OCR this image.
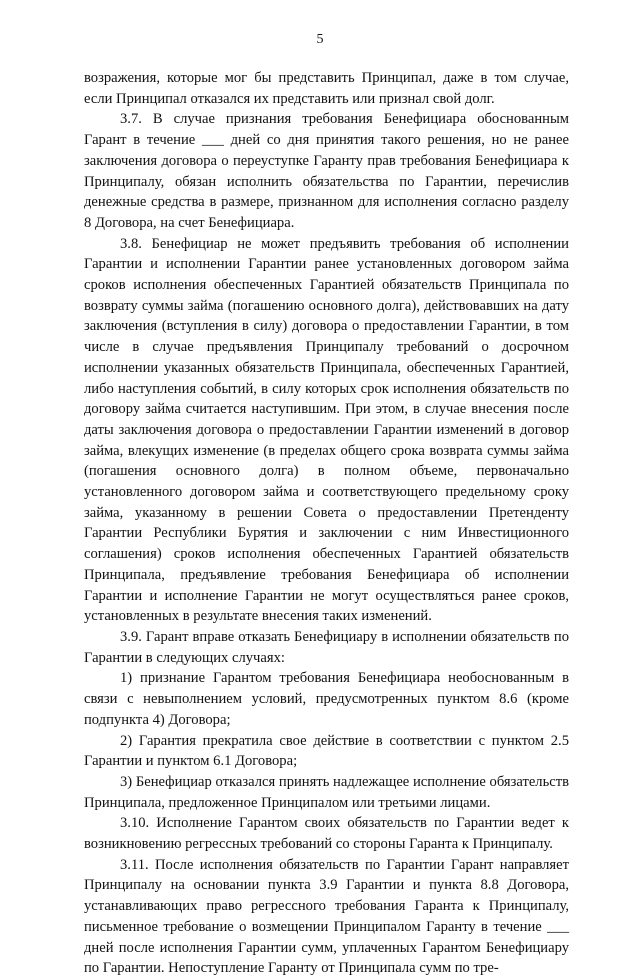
5

возражения, которые мог бы представить Принципал, даже в том случае, если Принципал отказался их представить или признал свой долг.

3.7. В случае признания требования Бенефициара обоснованным Гарант в течение ___ дней со дня принятия такого решения, но не ранее заключения договора о переуступке Гаранту прав требования Бенефициара к Принципалу, обязан исполнить обязательства по Гарантии, перечислив денежные средства в размере, признанном для исполнения согласно разделу 8 Договора, на счет Бенефициара.

3.8. Бенефициар не может предъявить требования об исполнении Гарантии и исполнении Гарантии ранее установленных договором займа сроков исполнения обеспеченных Гарантией обязательств Принципала по возврату суммы займа (погашению основного долга), действовавших на дату заключения (вступления в силу) договора о предоставлении Гарантии, в том числе в случае предъявления Принципалу требований о досрочном исполнении указанных обязательств Принципала, обеспеченных Гарантией, либо наступления событий, в силу которых срок исполнения обязательств по договору займа считается наступившим. При этом, в случае внесения после даты заключения договора о предоставлении Гарантии изменений в договор займа, влекущих изменение (в пределах общего срока возврата суммы займа (погашения основного долга) в полном объеме, первоначально установленного договором займа и соответствующего предельному сроку займа, указанному в решении Совета о предоставлении Претенденту Гарантии Республики Бурятия и заключении с ним Инвестиционного соглашения) сроков исполнения обеспеченных Гарантией обязательств Принципала, предъявление требования Бенефициара об исполнении Гарантии и исполнение Гарантии не могут осуществляться ранее сроков, установленных в результате внесения таких изменений.

3.9. Гарант вправе отказать Бенефициару в исполнении обязательств по Гарантии в следующих случаях:

1) признание Гарантом требования Бенефициара необоснованным в связи с невыполнением условий, предусмотренных пунктом 8.6 (кроме подпункта 4) Договора;

2) Гарантия прекратила свое действие в соответствии с пунктом 2.5 Гарантии и пунктом 6.1 Договора;

3) Бенефициар отказался принять надлежащее исполнение обязательств Принципала, предложенное Принципалом или третьими лицами.

3.10. Исполнение Гарантом своих обязательств по Гарантии ведет к возникновению регрессных требований со стороны Гаранта к Принципалу.

3.11. После исполнения обязательств по Гарантии Гарант направляет Принципалу на основании пункта 3.9 Гарантии и пункта 8.8 Договора, устанавливающих право регрессного требования Гаранта к Принципалу, письменное требование о возмещении Принципалом Гаранту в течение ___ дней после исполнения Гарантии сумм, уплаченных Гарантом Бенефициару по Гарантии. Непоступление Гаранту от Принципала сумм по тре-
